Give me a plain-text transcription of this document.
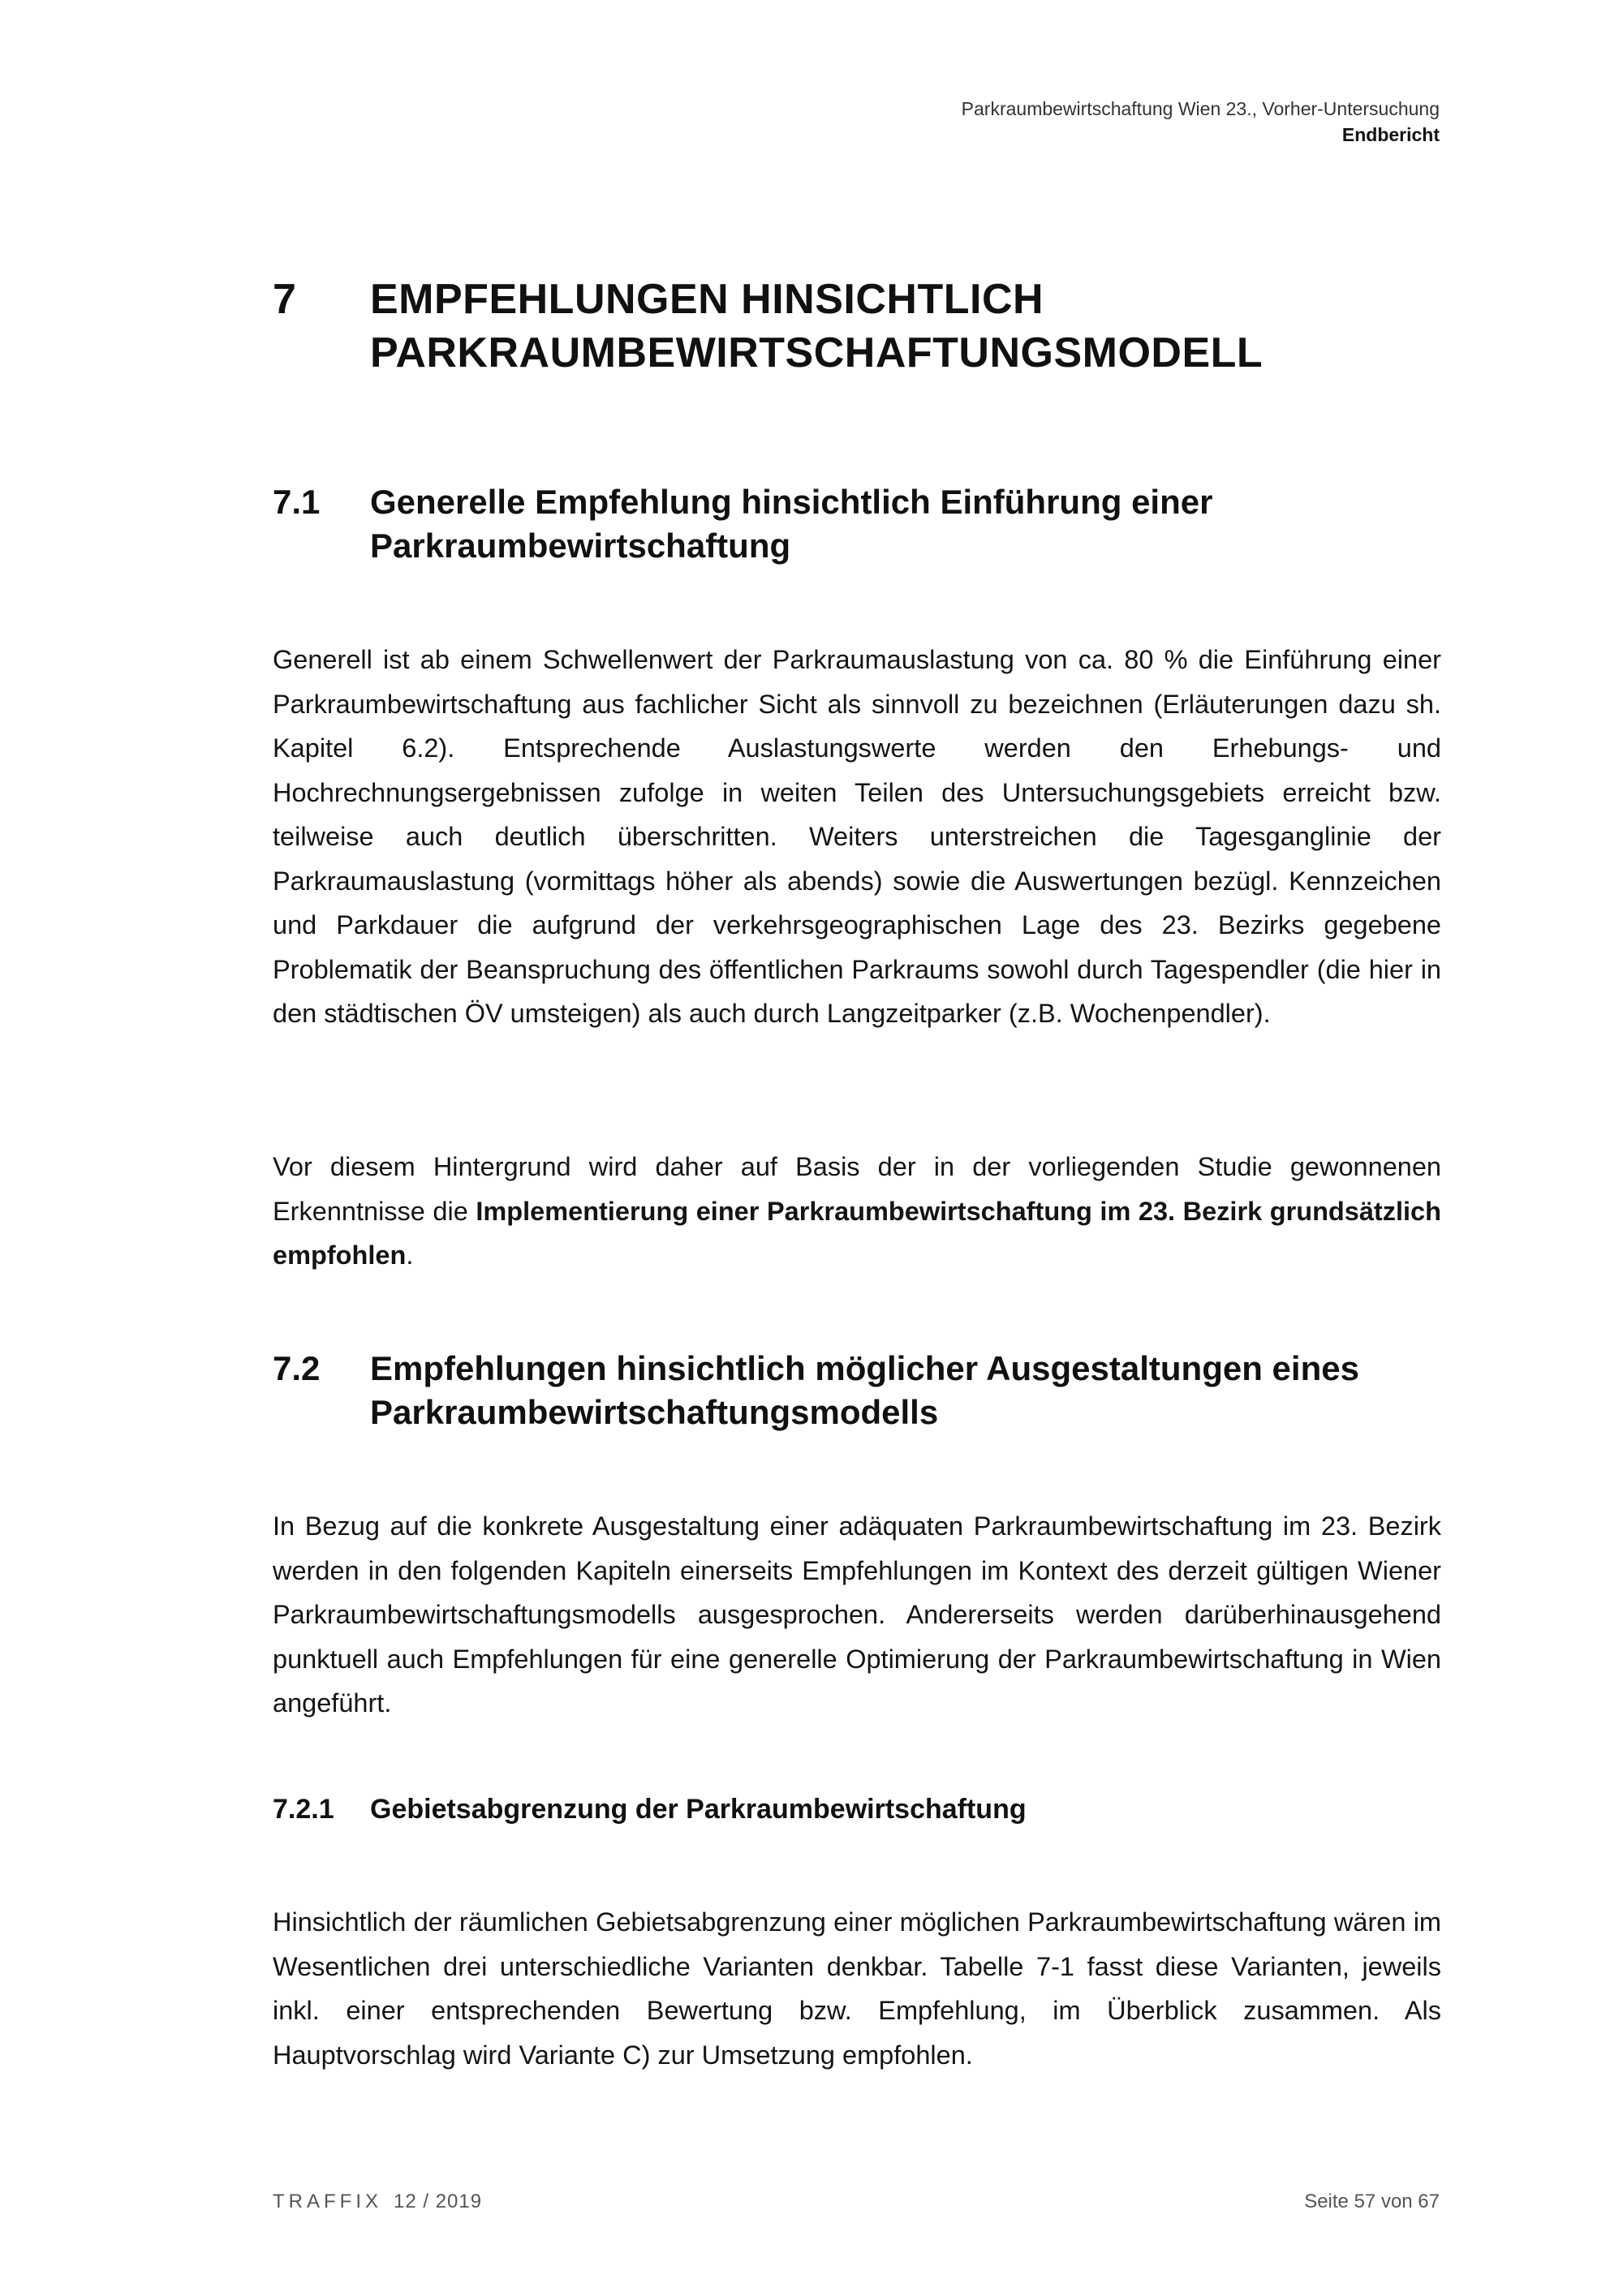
Parkraumbewirtschaftung Wien 23., Vorher-Untersuchung
Endbericht
7 EMPFEHLUNGEN HINSICHTLICH
PARKRAUMBEWIRTSCHAFTUNGSMODELL
7.1 Generelle Empfehlung hinsichtlich Einführung einer
Parkraumbewirtschaftung
Generell ist ab einem Schwellenwert der Parkraumauslastung von ca. 80 % die Einführung einer Parkraumbewirtschaftung aus fachlicher Sicht als sinnvoll zu bezeichnen (Erläuterungen dazu sh. Kapitel 6.2). Entsprechende Auslastungswerte werden den Erhebungs- und Hochrechnungsergebnissen zufolge in weiten Teilen des Untersuchungsgebiets erreicht bzw. teilweise auch deutlich überschritten. Weiters unterstreichen die Tagesganglinie der Parkraumauslastung (vormittags höher als abends) sowie die Auswertungen bezügl. Kennzeichen und Parkdauer die aufgrund der verkehrsgeographischen Lage des 23. Bezirks gegebene Problematik der Beanspruchung des öffentlichen Parkraums sowohl durch Tagespendler (die hier in den städtischen ÖV umsteigen) als auch durch Langzeitparker (z.B. Wochenpendler).
Vor diesem Hintergrund wird daher auf Basis der in der vorliegenden Studie gewonnenen Erkenntnisse die Implementierung einer Parkraumbewirtschaftung im 23. Bezirk grundsätzlich empfohlen.
7.2 Empfehlungen hinsichtlich möglicher Ausgestaltungen eines
Parkraumbewirtschaftungsmodells
In Bezug auf die konkrete Ausgestaltung einer adäquaten Parkraumbewirtschaftung im 23. Bezirk werden in den folgenden Kapiteln einerseits Empfehlungen im Kontext des derzeit gültigen Wiener Parkraumbewirtschaftungsmodells ausgesprochen. Andererseits werden darüberhinausgehend punktuell auch Empfehlungen für eine generelle Optimierung der Parkraumbewirtschaftung in Wien angeführt.
7.2.1 Gebietsabgrenzung der Parkraumbewirtschaftung
Hinsichtlich der räumlichen Gebietsabgrenzung einer möglichen Parkraumbewirtschaftung wären im Wesentlichen drei unterschiedliche Varianten denkbar. Tabelle 7-1 fasst diese Varianten, jeweils inkl. einer entsprechenden Bewertung bzw. Empfehlung, im Überblick zusammen. Als Hauptvorschlag wird Variante C) zur Umsetzung empfohlen.
TRAFFIX 12 / 2019	Seite 57 von 67
